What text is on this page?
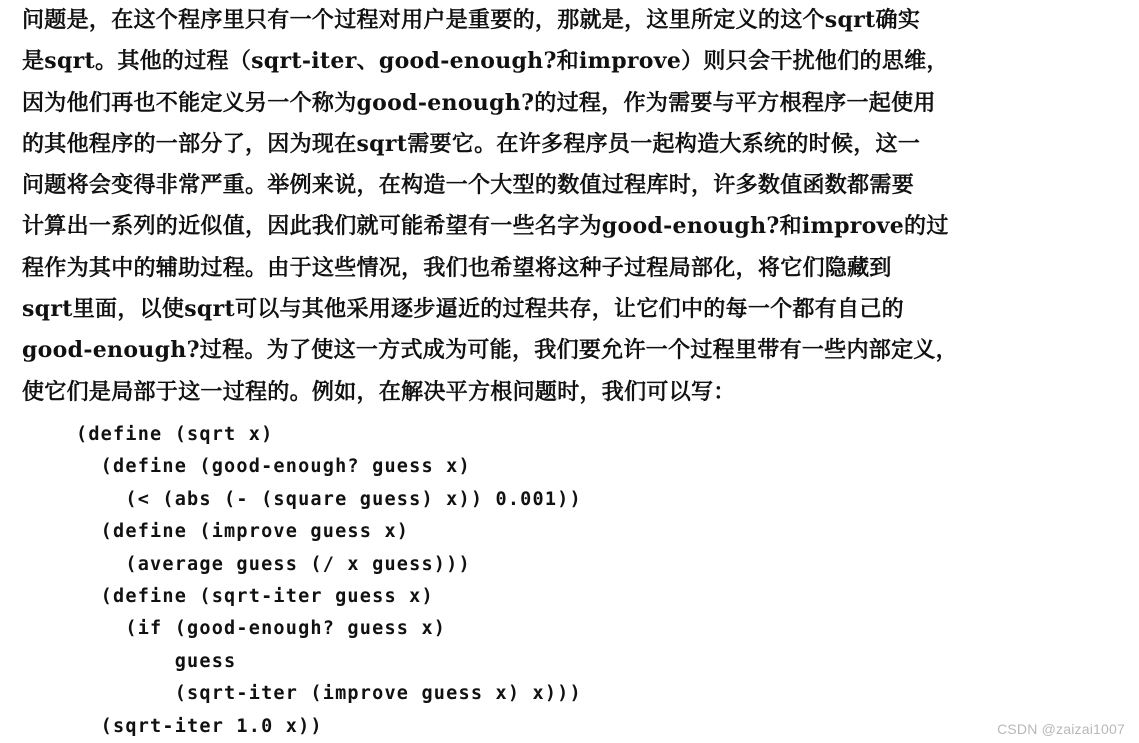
问题是，在这个程序里只有一个过程对用户是重要的，那就是，这里所定义的这个sqrt确实
是sqrt。其他的过程（sqrt-iter、good-enough?和improve）则只会干扰他们的思维，
因为他们再也不能定义另一个称为good-enough?的过程，作为需要与平方根程序一起使用
的其他程序的一部分了，因为现在sqrt需要它。在许多程序员一起构造大系统的时候，这一
问题将会变得非常严重。举例来说，在构造一个大型的数值过程库时，许多数值函数都需要
计算出一系列的近似值，因此我们就可能希望有一些名字为good-enough?和improve的过
程作为其中的辅助过程。由于这些情况，我们也希望将这种子过程局部化，将它们隐藏到
sqrt里面，以使sqrt可以与其他采用逐步逼近的过程共存，让它们中的每一个都有自己的
good-enough?过程。为了使这一方式成为可能，我们要允许一个过程里带有一些内部定义，
使它们是局部于这一过程的。例如，在解决平方根问题时，我们可以写：
(define (sqrt x)
(define (good-enough? guess x)
(< (abs (- (square guess) x)) 0.001))
(define (improve guess x)
(average guess (/ x guess)))
(define (sqrt-iter guess x)
(if (good-enough? guess x)
guess
(sqrt-iter (improve guess x) x)))
(sqrt-iter 1.0 x))	CSDN @zaizai1007
